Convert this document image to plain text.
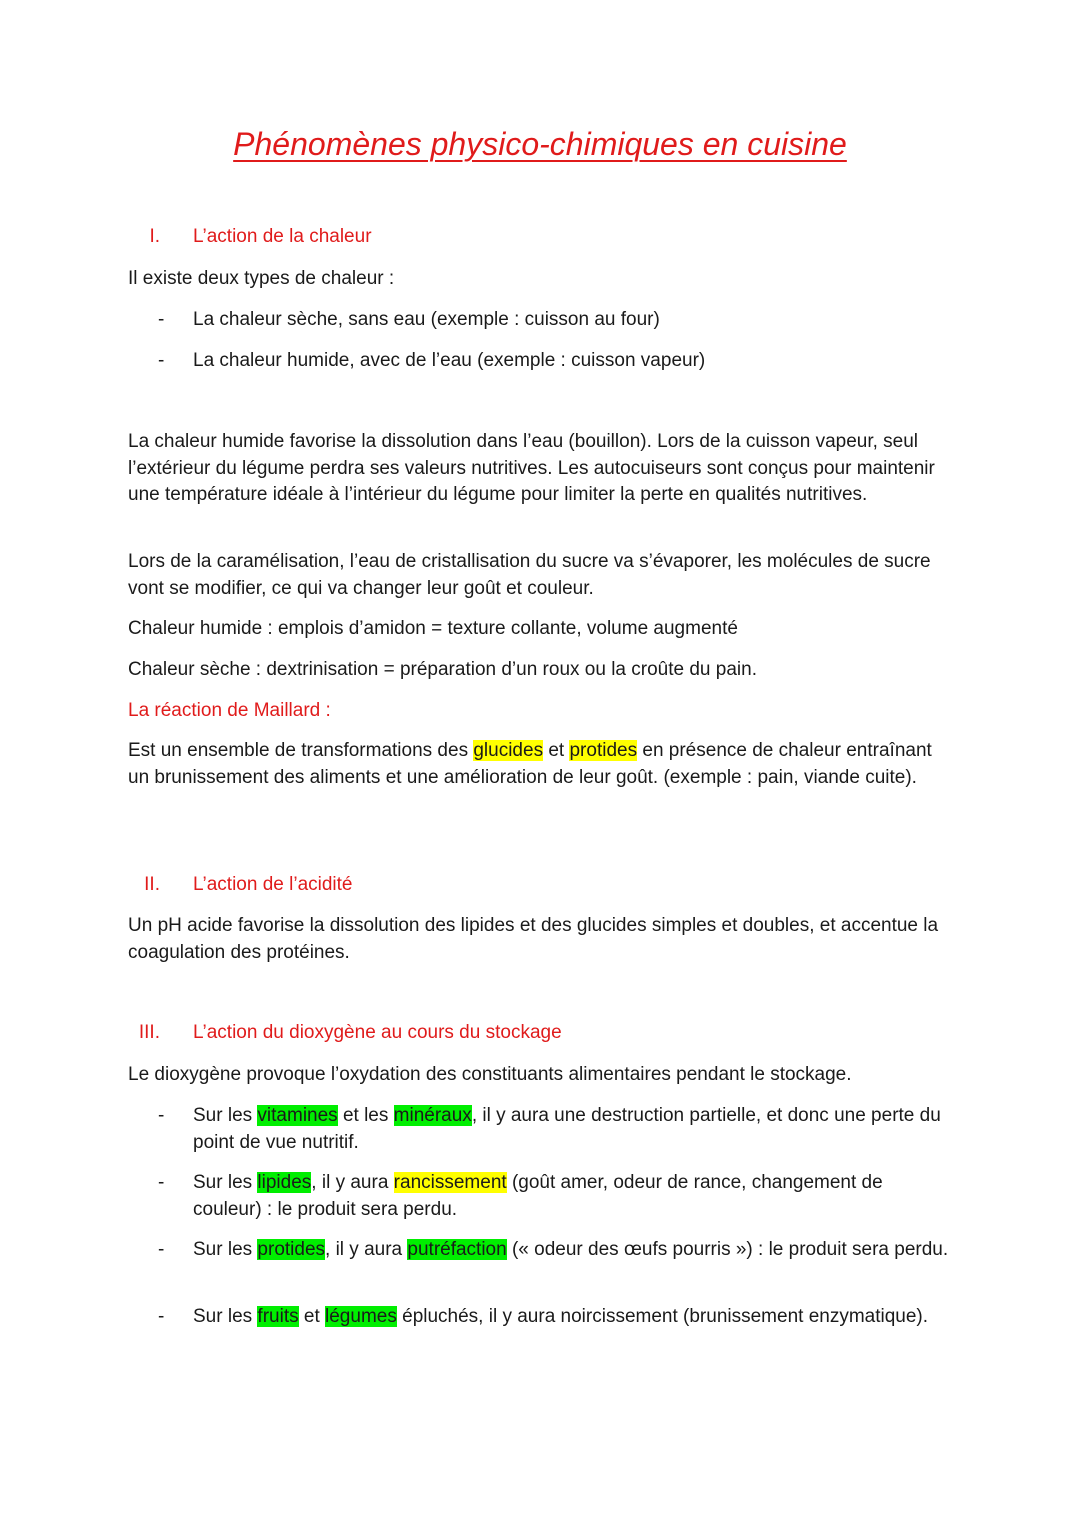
Phénomènes physico-chimiques en cuisine
I. L’action de la chaleur
Il existe deux types de chaleur :
- La chaleur sèche, sans eau (exemple : cuisson au four)
- La chaleur humide, avec de l’eau (exemple : cuisson vapeur)
La chaleur humide favorise la dissolution dans l’eau (bouillon). Lors de la cuisson vapeur, seul l’extérieur du légume perdra ses valeurs nutritives. Les autocuiseurs sont conçus pour maintenir une température idéale à l’intérieur du légume pour limiter la perte en qualités nutritives.
Lors de la caramélisation, l’eau de cristallisation du sucre va s’évaporer, les molécules de sucre vont se modifier, ce qui va changer leur goût et couleur.
Chaleur humide : emplois d’amidon = texture collante, volume augmenté
Chaleur sèche : dextrinisation = préparation d’un roux ou la croûte du pain.
La réaction de Maillard :
Est un ensemble de transformations des glucides et protides en présence de chaleur entraînant un brunissement des aliments et une amélioration de leur goût. (exemple : pain, viande cuite).
II. L’action de l’acidité
Un pH acide favorise la dissolution des lipides et des glucides simples et doubles, et accentue la coagulation des protéines.
III. L’action du dioxygène au cours du stockage
Le dioxygène provoque l’oxydation des constituants alimentaires pendant le stockage.
- Sur les vitamines et les minéraux, il y aura une destruction partielle, et donc une perte du point de vue nutritif.
- Sur les lipides, il y aura rancissement (goût amer, odeur de rance, changement de couleur) : le produit sera perdu.
- Sur les protides, il y aura putréfaction (« odeur des œufs pourris ») : le produit sera perdu.
- Sur les fruits et légumes épluchés, il y aura noircissement (brunissement enzymatique).
